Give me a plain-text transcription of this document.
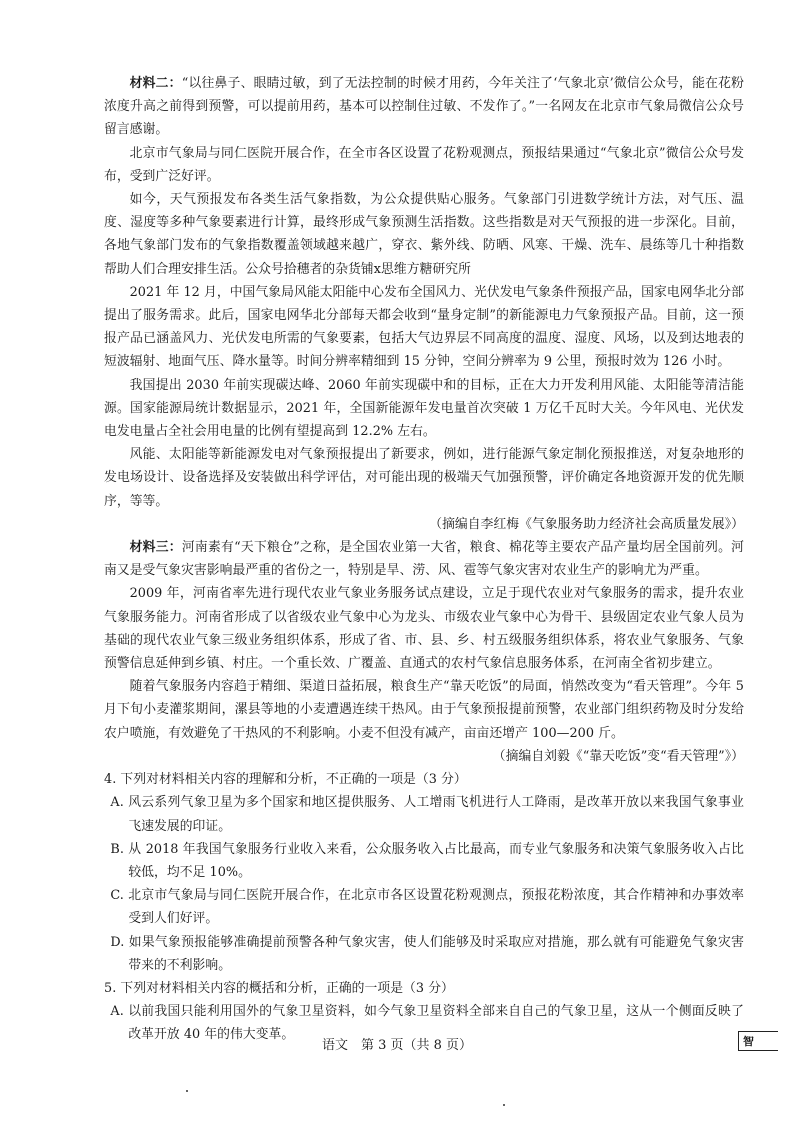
材料二：“以往鼻子、眼睛过敏，到了无法控制的时候才用药，今年关注了‘气象北京’微信公众号，能在花粉浓度升高之前得到预警，可以提前用药，基本可以控制住过敏、不发作了。”一名网友在北京市气象局微信公众号留言感谢。

北京市气象局与同仁医院开展合作，在全市各区设置了花粉观测点，预报结果通过“气象北京”微信公众号发布，受到广泛好评。

如今，天气预报发布各类生活气象指数，为公众提供贴心服务。气象部门引进数学统计方法，对气压、温度、湿度等多种气象要素进行计算，最终形成气象预测生活指数。这些指数是对天气预报的进一步深化。目前，各地气象部门发布的气象指数覆盖领域越来越广，穿衣、紫外线、防晒、风寒、干燥、洗车、晨练等几十种指数帮助人们合理安排生活。公众号拾穗者的杂货铺x思维方糖研究所

2021 年 12 月，中国气象局风能太阳能中心发布全国风力、光伏发电气象条件预报产品，国家电网华北分部提出了服务需求。此后，国家电网华北分部每天都会收到“量身定制”的新能源电力气象预报产品。目前，这一预报产品已涵盖风力、光伏发电所需的气象要素，包括大气边界层不同高度的温度、湿度、风场，以及到达地表的短波辐射、地面气压、降水量等。时间分辨率精细到 15 分钟，空间分辨率为 9 公里，预报时效为 126 小时。

我国提出 2030 年前实现碳达峰、2060 年前实现碳中和的目标，正在大力开发利用风能、太阳能等清洁能源。国家能源局统计数据显示，2021 年，全国新能源年发电量首次突破 1 万亿千瓦时大关。今年风电、光伏发电发电量占全社会用电量的比例有望提高到 12.2% 左右。

风能、太阳能等新能源发电对气象预报提出了新要求，例如，进行能源气象定制化预报推送，对复杂地形的发电场设计、设备选择及安装做出科学评估，对可能出现的极端天气加强预警，评价确定各地资源开发的优先顺序，等等。

（摘编自李红梅《气象服务助力经济社会高质量发展》）

材料三：河南素有“天下粮仓”之称，是全国农业第一大省，粮食、棉花等主要农产品产量均居全国前列。河南又是受气象灾害影响最严重的省份之一，特别是旱、涝、风、雹等气象灾害对农业生产的影响尤为严重。

2009 年，河南省率先进行现代农业气象业务服务试点建设，立足于现代农业对气象服务的需求，提升农业气象服务能力。河南省形成了以省级农业气象中心为龙头、市级农业气象中心为骨干、县级固定农业气象人员为基础的现代农业气象三级业务组织体系，形成了省、市、县、乡、村五级服务组织体系，将农业气象服务、气象预警信息延伸到乡镇、村庄。一个重长效、广覆盖、直通式的农村气象信息服务体系，在河南全省初步建立。

随着气象服务内容趋于精细、渠道日益拓展，粮食生产“靠天吃饭”的局面，悄然改变为“看天管理”。今年 5 月下旬小麦灌浆期间，漯县等地的小麦遭遇连续干热风。由于气象预报提前预警，农业部门组织药物及时分发给农户喷施，有效避免了干热风的不利影响。小麦不但没有减产，亩亩还增产 100—200 斤。

（摘编自刘毅《“靠天吃饭”变“看天管理”》）

4. 下列对材料相关内容的理解和分析，不正确的一项是（3 分）

A. 风云系列气象卫星为多个国家和地区提供服务、人工增雨飞机进行人工降雨，是改革开放以来我国气象事业飞速发展的印证。

B. 从 2018 年我国气象服务行业收入来看，公众服务收入占比最高，而专业气象服务和决策气象服务收入占比较低，均不足 10%。

C. 北京市气象局与同仁医院开展合作，在北京市各区设置花粉观测点，预报花粉浓度，其合作精神和办事效率受到人们好评。

D. 如果气象预报能够准确提前预警各种气象灾害，使人们能够及时采取应对措施，那么就有可能避免气象灾害带来的不利影响。

5. 下列对材料相关内容的概括和分析，正确的一项是（3 分）

A. 以前我国只能利用国外的气象卫星资料，如今气象卫星资料全部来自自己的气象卫星，这从一个侧面反映了改革开放 40 年的伟大变革。

语文　第 3 页（共 8 页）	智
